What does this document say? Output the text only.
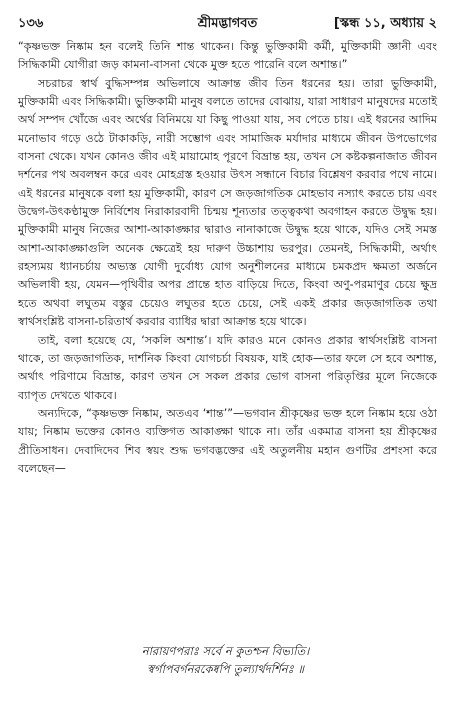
১৩৬	শ্রীমদ্ভাগবত	[স্কন্ধ ১১, অধ্যায় ২

“কৃষ্ণভক্ত নিষ্কাম হন বলেই তিনি শান্ত থাকেন। কিন্তু ভুক্তিকামী কর্মী, মুক্তিকামী জ্ঞানী এবং সিদ্ধিকামী যোগীরা জড় কামনা-বাসনা থেকে মুক্ত হতে পারেনি বলে অশান্ত।”

সচরাচর স্বার্থ বুদ্ধিসম্পন্ন অভিলাষে আক্রান্ত জীব তিন ধরনের হয়। তারা ভুক্তিকামী, মুক্তিকামী এবং সিদ্ধিকামী। ভুক্তিকামী মানুষ বলতে তাদের বোঝায়, যারা সাধারণ মানুষদের মতোই অর্থ সম্পদ খোঁজে এবং অর্থের বিনিময়ে যা কিছু পাওয়া যায়, সব পেতে চায়। এই ধরনের আদিম মনোভাব গড়ে ওঠে টাকাকড়ি, নারী সম্ভোগ এবং সামাজিক মর্যাদার মাধ্যমে জীবন উপভোগের বাসনা থেকে। যখন কোনও জীব এই মায়ামোহ পূরণে বিভ্রান্ত হয়, তখন সে কষ্টকল্পনাজাত জীবন দর্শনের পথ অবলম্বন করে এবং মোহগ্রস্ত হওয়ার উৎস সন্ধানে বিচার বিশ্লেষণ করবার পথে নামে। এই ধরনের মানুষকে বলা হয় মুক্তিকামী, কারণ সে জড়জাগতিক মোহভাব নস্যাৎ করতে চায় এবং উদ্বেগ-উৎকণ্ঠামুক্ত নির্বিশেষ নিরাকারবাদী চিন্ময় শূন্যতার তত্ত্বকথা অবগাহন করতে উদ্বুদ্ধ হয়। মুক্তিকামী মানুষ নিজের আশা-আকাঙ্ক্ষার দ্বারাও নানাকাজে উদ্বুদ্ধ হয়ে থাকে, যদিও সেই সমস্ত আশা-আকাঙ্ক্ষাগুলি অনেক ক্ষেত্রেই হয় দারুণ উচ্চাশায় ভরপুর। তেমনই, সিদ্ধিকামী, অর্থাৎ রহস্যময় ধ্যানচর্চায় অভ্যস্ত যোগী দুর্বোধ্য যোগ অনুশীলনের মাধ্যমে চমকপ্রদ ক্ষমতা অর্জনে অভিলাষী হয়, যেমন—পৃথিবীর অপর প্রান্তে হাত বাড়িয়ে দিতে, কিংবা অণু-পরমাণুর চেয়ে ক্ষুদ্র হতে অথবা লঘুতম বস্তুর চেয়েও লঘুতর হতে চেয়ে, সেই একই প্রকার জড়জাগতিক তথা স্বার্থসংশ্লিষ্ট বাসনা-চরিতার্থ করবার ব্যাধির দ্বারা আক্রান্ত হয়ে থাকে।

তাই, বলা হয়েছে যে, ‘সকলি অশান্ত’। যদি কারও মনে কোনও প্রকার স্বার্থসংশ্লিষ্ট বাসনা থাকে, তা জড়জাগতিক, দার্শনিক কিংবা যোগচর্চা বিষয়ক, যাই হোক—তার ফলে সে হবে অশান্ত, অর্থাৎ পরিণামে বিভ্রান্ত, কারণ তখন সে সকল প্রকার ভোগ বাসনা পরিতৃপ্তির মূলে নিজেকে ব্যাপৃত দেখতে থাকবে।

অন্যদিকে, “কৃষ্ণভক্ত নিষ্কাম, অতএব ‘শান্ত’”—ভগবান শ্রীকৃষ্ণের ভক্ত হলে নিষ্কাম হয়ে ওঠা যায়; নিষ্কাম ভক্তের কোনও ব্যক্তিগত আকাঙ্ক্ষা থাকে না। তাঁর একমাত্র বাসনা হয় শ্রীকৃষ্ণের প্রীতিসাধন। দেবাদিদেব শিব স্বয়ং শুদ্ধ ভগবদ্ভক্তের এই অতুলনীয় মহান গুণটির প্রশংসা করে বলেছেন—

নারায়ণপরাঃ সর্বে ন কুতশ্চন বিভ্যতি।
স্বর্গাপবর্গনরকেষ্বপি তুল্যার্থদর্শিনঃ ॥
